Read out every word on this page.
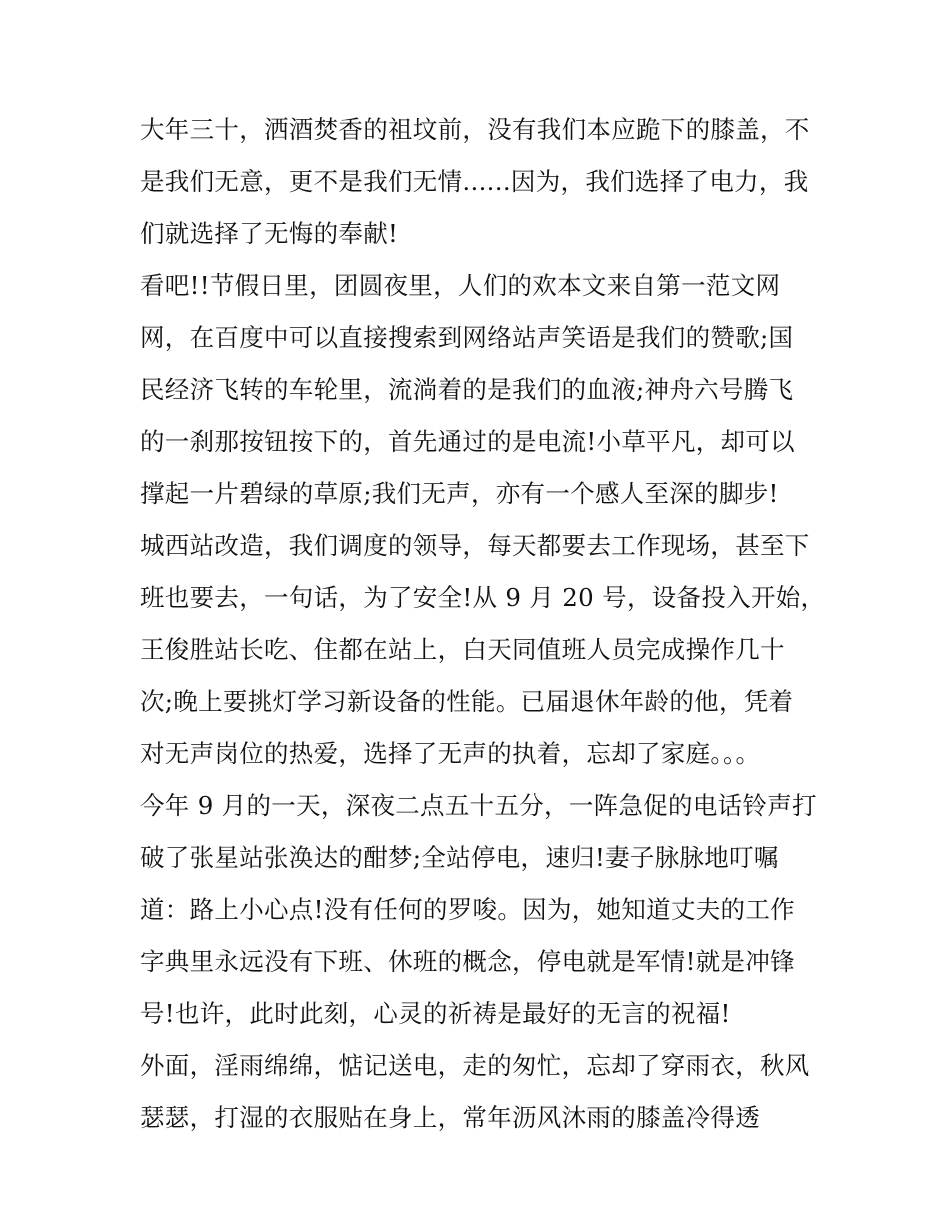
大年三十，洒酒焚香的祖坟前，没有我们本应跪下的膝盖，不
是我们无意，更不是我们无情......因为，我们选择了电力，我
们就选择了无悔的奉献!
看吧!!节假日里，团圆夜里，人们的欢本文来自第一范文网
网，在百度中可以直接搜索到网络站声笑语是我们的赞歌;国
民经济飞转的车轮里，流淌着的是我们的血液;神舟六号腾飞
的一刹那按钮按下的，首先通过的是电流!小草平凡，却可以
撑起一片碧绿的草原;我们无声，亦有一个感人至深的脚步!
城西站改造，我们调度的领导，每天都要去工作现场，甚至下
班也要去，一句话，为了安全!从 9 月 20 号，设备投入开始，
王俊胜站长吃、住都在站上，白天同值班人员完成操作几十
次;晚上要挑灯学习新设备的性能。已届退休年龄的他，凭着
对无声岗位的热爱，选择了无声的执着，忘却了家庭。。。
今年 9 月的一天，深夜二点五十五分，一阵急促的电话铃声打
破了张星站张涣达的酣梦;全站停电，速归!妻子脉脉地叮嘱
道：路上小心点!没有任何的罗唆。因为，她知道丈夫的工作
字典里永远没有下班、休班的概念，停电就是军情!就是冲锋
号!也许，此时此刻，心灵的祈祷是最好的无言的祝福!
外面，淫雨绵绵，惦记送电，走的匆忙，忘却了穿雨衣，秋风
瑟瑟，打湿的衣服贴在身上，常年沥风沐雨的膝盖冷得透
